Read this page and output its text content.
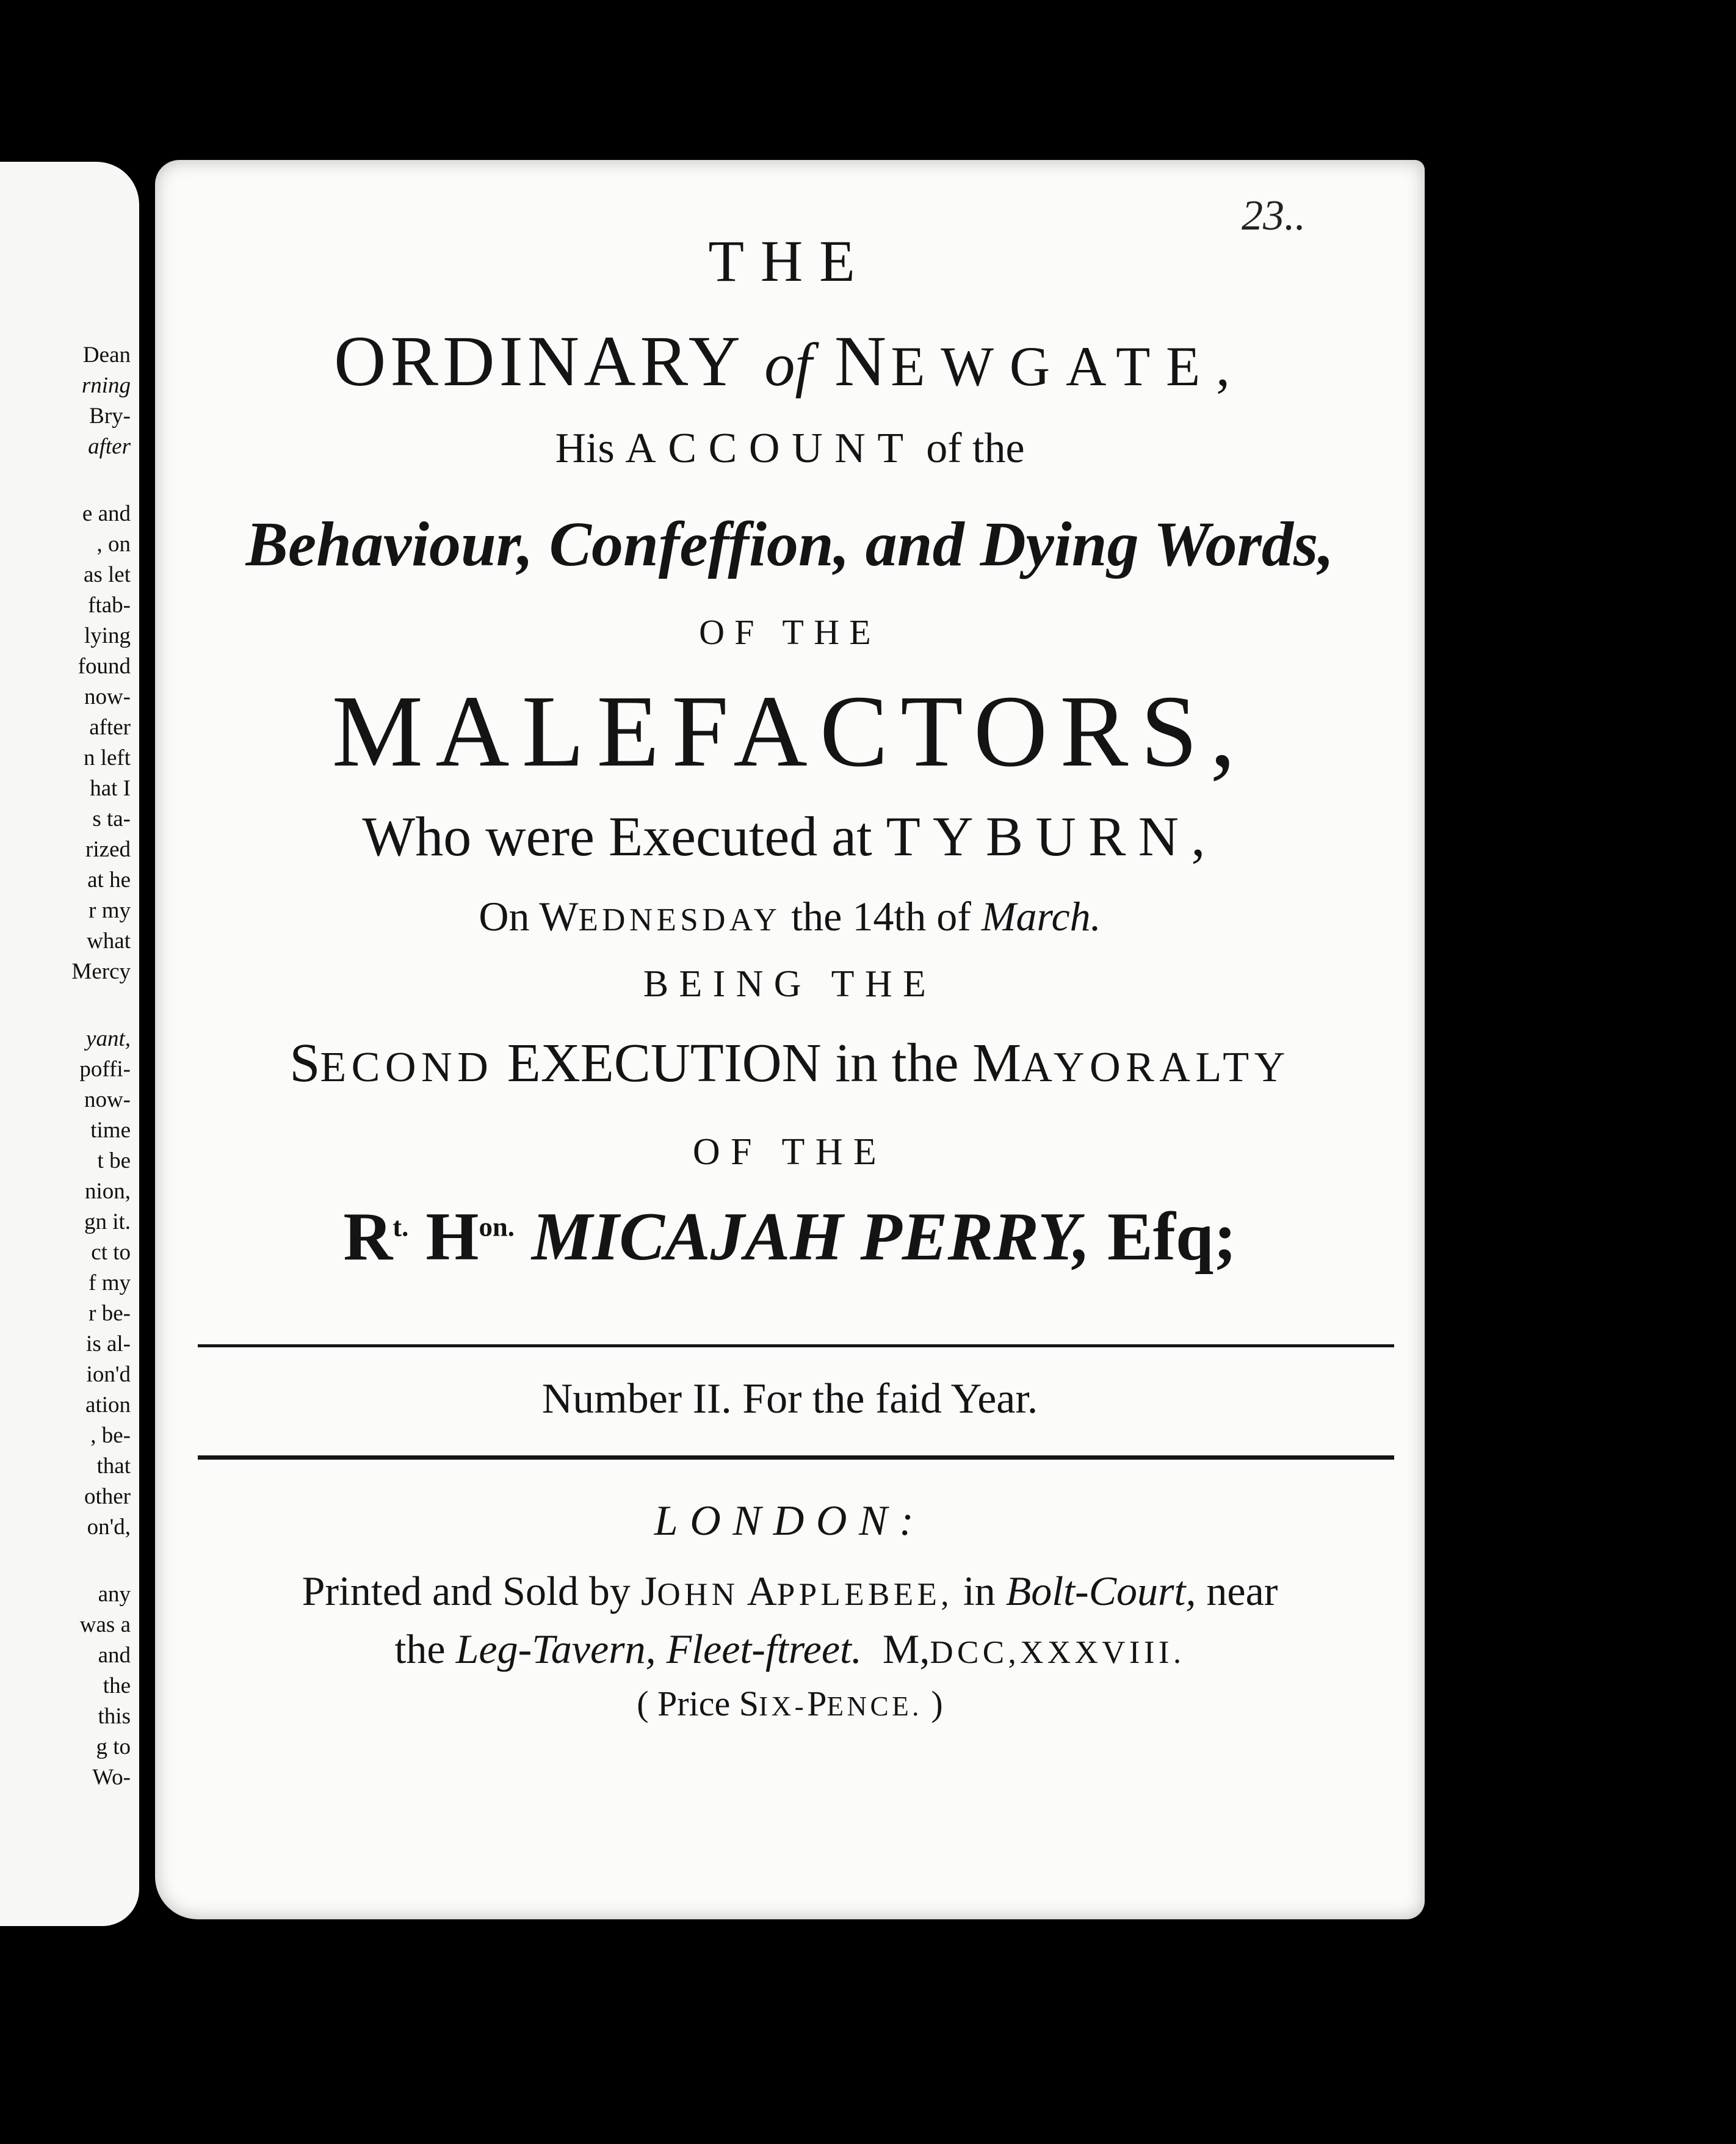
Dean
rning
Bry-
after
e and
, on
as let
ftab-
lying
found
now-
after
n left
hat I
s ta-
rized
at he
r my
what
Mercy
yant,
poffi-
now-
time
t be
nion,
gn it.
ct to
f my
r be-
is al-
ion'd
ation
, be-
that
other
on'd,
any
was a
and
the
this
g to
Wo-
23..
THE
ORDINARY of NEWGATE,
His ACCOUNT of the
Behaviour, Confeffion, and Dying Words,
OF THE
MALEFACTORS,
Who were Executed at TYBURN,
On WEDNESDAY the 14th of March.
BEING THE
SECOND EXECUTION in the MAYORALTY
OF THE
$R^{t.}$ $H^{on.}$ MICAJAH PERRY, Efq;
Number II. For the faid Year.
LONDON:
Printed and Sold by JOHN APPLEBEE, in Bolt-Court, near
the Leg-Tavern, Fleet-ftreet. M,DCC,XXXVIII.
( Price SIX-PENCE. )
